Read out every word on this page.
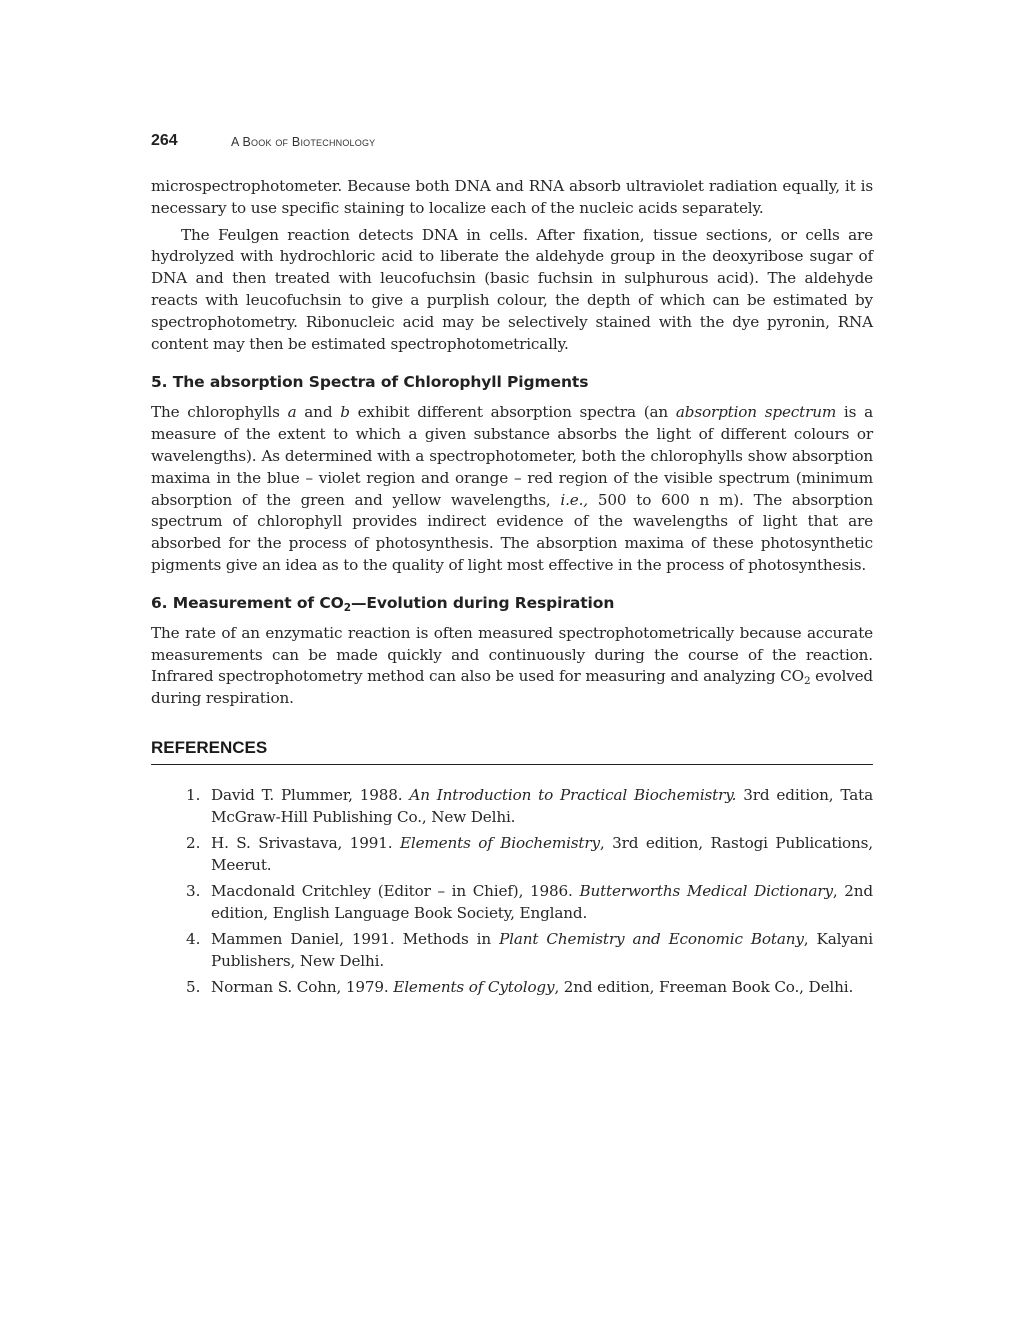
264	A Book of Biotechnology

microspectrophotometer. Because both DNA and RNA absorb ultraviolet radiation equally, it is necessary to use specific staining to localize each of the nucleic acids separately.

The Feulgen reaction detects DNA in cells. After fixation, tissue sections, or cells are hydrolyzed with hydrochloric acid to liberate the aldehyde group in the deoxyribose sugar of DNA and then treated with leucofuchsin (basic fuchsin in sulphurous acid). The aldehyde reacts with leucofuchsin to give a purplish colour, the depth of which can be estimated by spectrophotometry. Ribonucleic acid may be selectively stained with the dye pyronin, RNA content may then be estimated spectrophotometrically.

5. The absorption Spectra of Chlorophyll Pigments

The chlorophylls a and b exhibit different absorption spectra (an absorption spectrum is a measure of the extent to which a given substance absorbs the light of different colours or wavelengths). As determined with a spectrophotometer, both the chlorophylls show absorption maxima in the blue – violet region and orange – red region of the visible spectrum (minimum absorption of the green and yellow wavelengths, i.e., 500 to 600 n m). The absorption spectrum of chlorophyll provides indirect evidence of the wavelengths of light that are absorbed for the process of photosynthesis. The absorption maxima of these photosynthetic pigments give an idea as to the quality of light most effective in the process of photosynthesis.

6. Measurement of $CO_2—Evolution$ during Respiration

The rate of an enzymatic reaction is often measured spectrophotometrically because accurate measurements can be made quickly and continuously during the course of the reaction. Infrared spectrophotometry method can also be used for measuring and analyzing $CO_2$ evolved during respiration.

REFERENCES
1. David T. Plummer, 1988. An Introduction to Practical Biochemistry. 3rd edition, Tata McGraw-Hill Publishing Co., New Delhi.

2. H. S. Srivastava, 1991. Elements of Biochemistry, 3rd edition, Rastogi Publications, Meerut.

3. Macdonald Critchley (Editor – in Chief), 1986. Butterworths Medical Dictionary, 2nd edition, English Language Book Society, England.

4. Mammen Daniel, 1991. Methods in Plant Chemistry and Economic Botany, Kalyani Publishers, New Delhi.

5. Norman S. Cohn, 1979. Elements of Cytology, 2nd edition, Freeman Book Co., Delhi.
